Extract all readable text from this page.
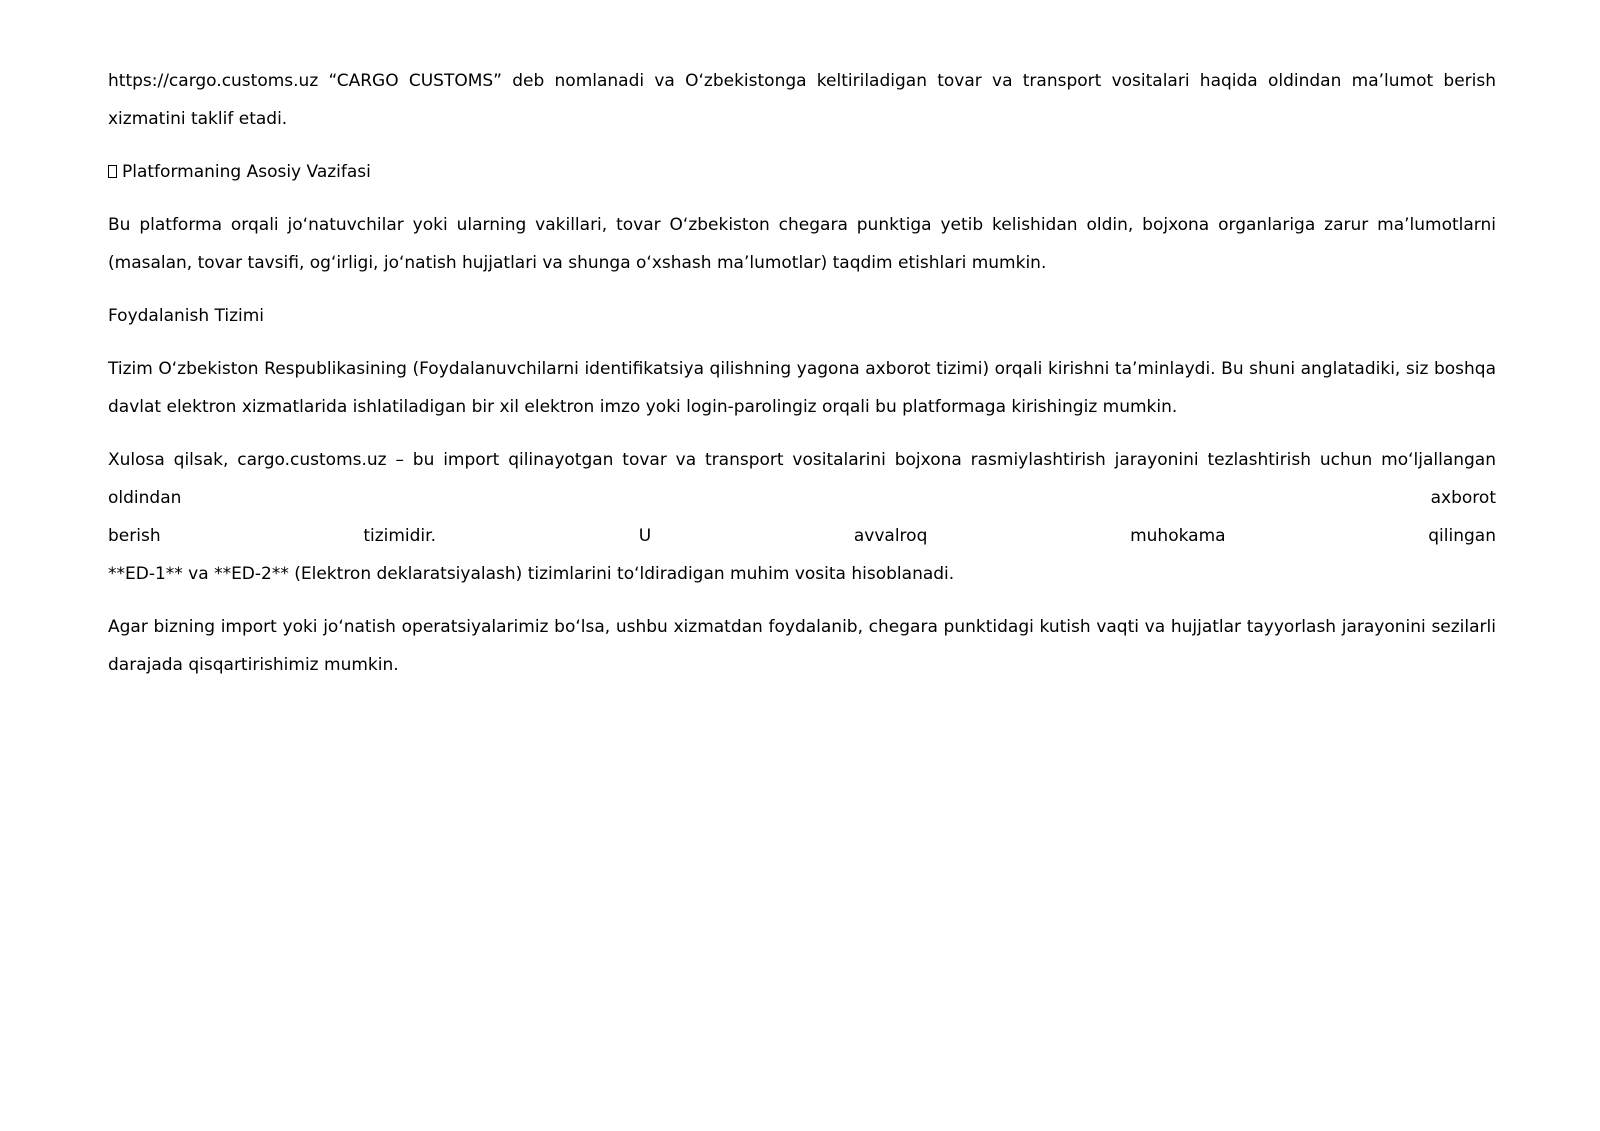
https://cargo.customs.uz “CARGO CUSTOMS” deb nomlanadi va O‘zbekistonga keltiriladigan tovar va transport vositalari haqida oldindan ma’lumot berish xizmatini taklif etadi.

Platformaning Asosiy Vazifasi

Bu platforma orqali jo‘natuvchilar yoki ularning vakillari, tovar O‘zbekiston chegara punktiga yetib kelishidan oldin, bojxona organlariga zarur ma’lumotlarni (masalan, tovar tavsifi, og‘irligi, jo‘natish hujjatlari va shunga o‘xshash ma’lumotlar) taqdim etishlari mumkin.

Foydalanish Tizimi

Tizim O‘zbekiston Respublikasining (Foydalanuvchilarni identifikatsiya qilishning yagona axborot tizimi) orqali kirishni ta’minlaydi. Bu shuni anglatadiki, siz boshqa davlat elektron xizmatlarida ishlatiladigan bir xil elektron imzo yoki login-parolingiz orqali bu platformaga kirishingiz mumkin.

Xulosa qilsak, cargo.customs.uz – bu import qilinayotgan tovar va transport vositalarini bojxona rasmiylashtirish jarayonini tezlashtirish uchun mo‘ljallangan

oldindan	axborot
berish	tizimidir.	U	avvalroq	muhokama	qilingan

**ED-1** va **ED-2** (Elektron deklaratsiyalash) tizimlarini to‘ldiradigan muhim vosita hisoblanadi.

Agar bizning import yoki jo‘natish operatsiyalarimiz bo‘lsa, ushbu xizmatdan foydalanib, chegara punktidagi kutish vaqti va hujjatlar tayyorlash jarayonini sezilarli darajada qisqartirishimiz mumkin.
